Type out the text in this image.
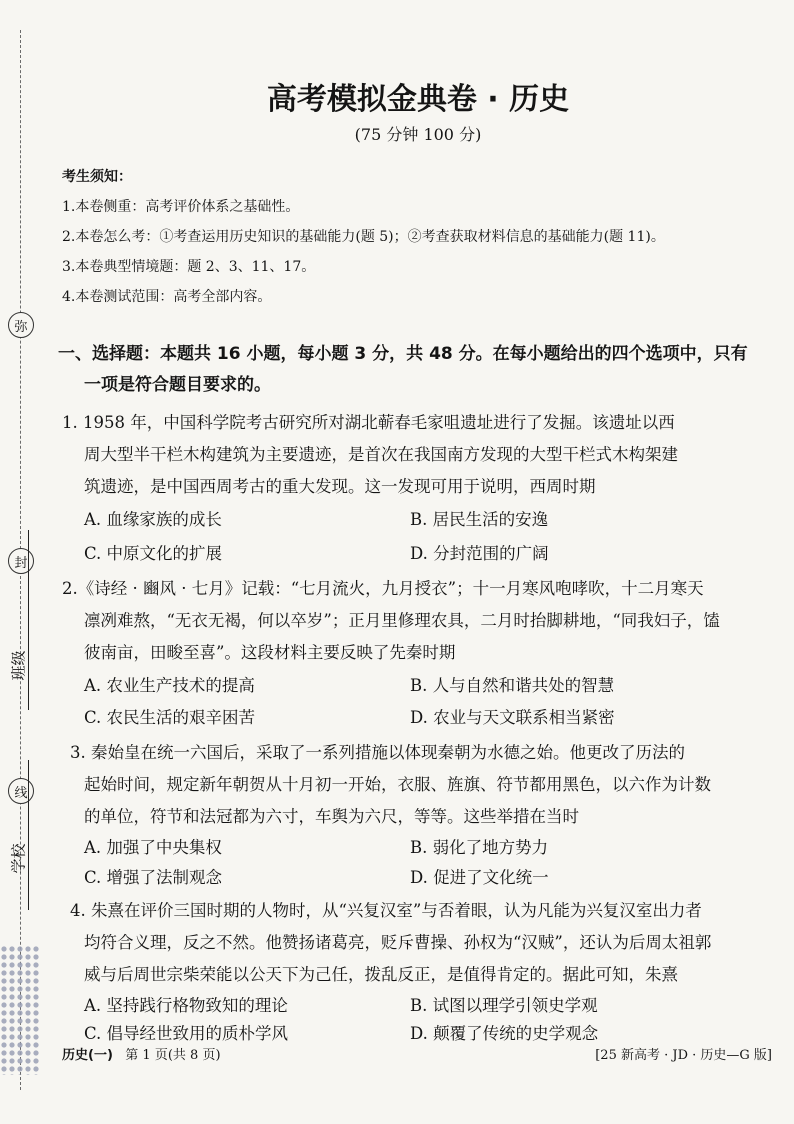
弥
封
线
班级
学校
高考模拟金典卷 · 历史
(75 分钟 100 分)
考生须知：
1.本卷侧重：高考评价体系之基础性。
2.本卷怎么考：①考查运用历史知识的基础能力(题 5)；②考查获取材料信息的基础能力(题 11)。
3.本卷典型情境题：题 2、3、11、17。
4.本卷测试范围：高考全部内容。
一、选择题：本题共 16 小题，每小题 3 分，共 48 分。在每小题给出的四个选项中，只有
一项是符合题目要求的。
1. 1958 年，中国科学院考古研究所对湖北蕲春毛家咀遗址进行了发掘。该遗址以西
周大型半干栏木构建筑为主要遗迹，是首次在我国南方发现的大型干栏式木构架建
筑遗迹，是中国西周考古的重大发现。这一发现可用于说明，西周时期
A. 血缘家族的成长	B. 居民生活的安逸
C. 中原文化的扩展	D. 分封范围的广阔
2.《诗经 · 豳风 · 七月》记载：“七月流火，九月授衣”；十一月寒风咆哮吹，十二月寒天
凛冽难熬，“无衣无褐，何以卒岁”；正月里修理农具，二月时抬脚耕地，“同我妇子，馌
彼南亩，田畯至喜”。这段材料主要反映了先秦时期
A. 农业生产技术的提高	B. 人与自然和谐共处的智慧
C. 农民生活的艰辛困苦	D. 农业与天文联系相当紧密
3. 秦始皇在统一六国后，采取了一系列措施以体现秦朝为水德之始。他更改了历法的
起始时间，规定新年朝贺从十月初一开始，衣服、旌旗、符节都用黑色，以六作为计数
的单位，符节和法冠都为六寸，车舆为六尺，等等。这些举措在当时
A. 加强了中央集权	B. 弱化了地方势力
C. 增强了法制观念	D. 促进了文化统一
4. 朱熹在评价三国时期的人物时，从“兴复汉室”与否着眼，认为凡能为兴复汉室出力者
均符合义理，反之不然。他赞扬诸葛亮，贬斥曹操、孙权为“汉贼”，还认为后周太祖郭
威与后周世宗柴荣能以公天下为己任，拨乱反正，是值得肯定的。据此可知，朱熹
A. 坚持践行格物致知的理论	B. 试图以理学引领史学观
C. 倡导经世致用的质朴学风	D. 颠覆了传统的史学观念
历史(一) 第 1 页(共 8 页)	[25 新高考 · JD · 历史—G 版]
